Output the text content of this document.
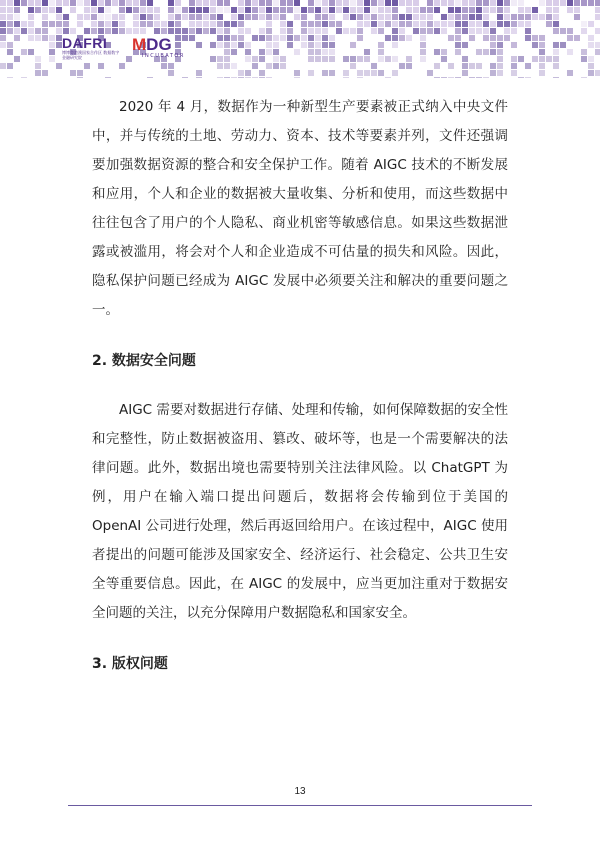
DAFRI
博博粤港澳国家合作区 数据数字金融研究院
MDG
INCUBATOR

2020 年 4 月，数据作为一种新型生产要素被正式纳入中央文件中，并与传统的土地、劳动力、资本、技术等要素并列，文件还强调要加强数据资源的整合和安全保护工作。随着 AIGC 技术的不断发展和应用，个人和企业的数据被大量收集、分析和使用，而这些数据中往往包含了用户的个人隐私、商业机密等敏感信息。如果这些数据泄露或被滥用，将会对个人和企业造成不可估量的损失和风险。因此，隐私保护问题已经成为 AIGC 发展中必须要关注和解决的重要问题之一。

2. 数据安全问题

AIGC 需要对数据进行存储、处理和传输，如何保障数据的安全性和完整性，防止数据被盗用、篡改、破坏等，也是一个需要解决的法律问题。此外，数据出境也需要特别关注法律风险。以 ChatGPT 为例，用户在输入端口提出问题后，数据将会传输到位于美国的 OpenAI 公司进行处理，然后再返回给用户。在该过程中，AIGC 使用者提出的问题可能涉及国家安全、经济运行、社会稳定、公共卫生安全等重要信息。因此，在 AIGC 的发展中，应当更加注重对于数据安全问题的关注，以充分保障用户数据隐私和国家安全。

3. 版权问题

13
